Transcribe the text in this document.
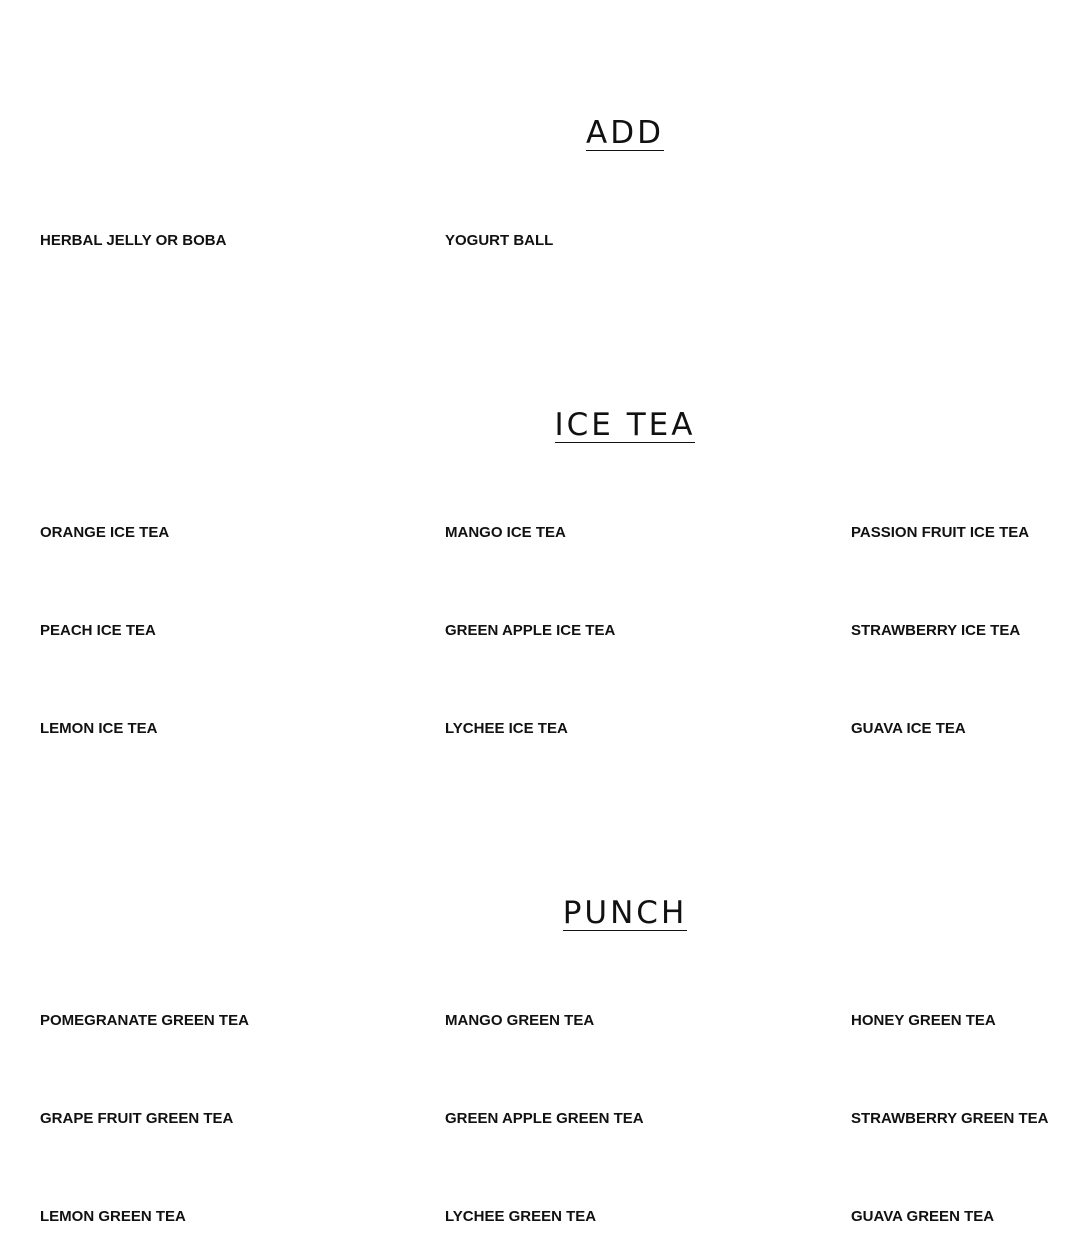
ADD
HERBAL JELLY OR BOBA	YOGURT BALL
ICE TEA
ORANGE ICE TEA	MANGO ICE TEA	PASSION FRUIT ICE TEA
PEACH ICE TEA	GREEN APPLE ICE TEA	STRAWBERRY ICE TEA
LEMON ICE TEA	LYCHEE ICE TEA	GUAVA ICE TEA
PUNCH
POMEGRANATE GREEN TEA	MANGO GREEN TEA	HONEY GREEN TEA
GRAPE FRUIT GREEN TEA	GREEN APPLE GREEN TEA	STRAWBERRY GREEN TEA
LEMON GREEN TEA	LYCHEE GREEN TEA	GUAVA GREEN TEA
